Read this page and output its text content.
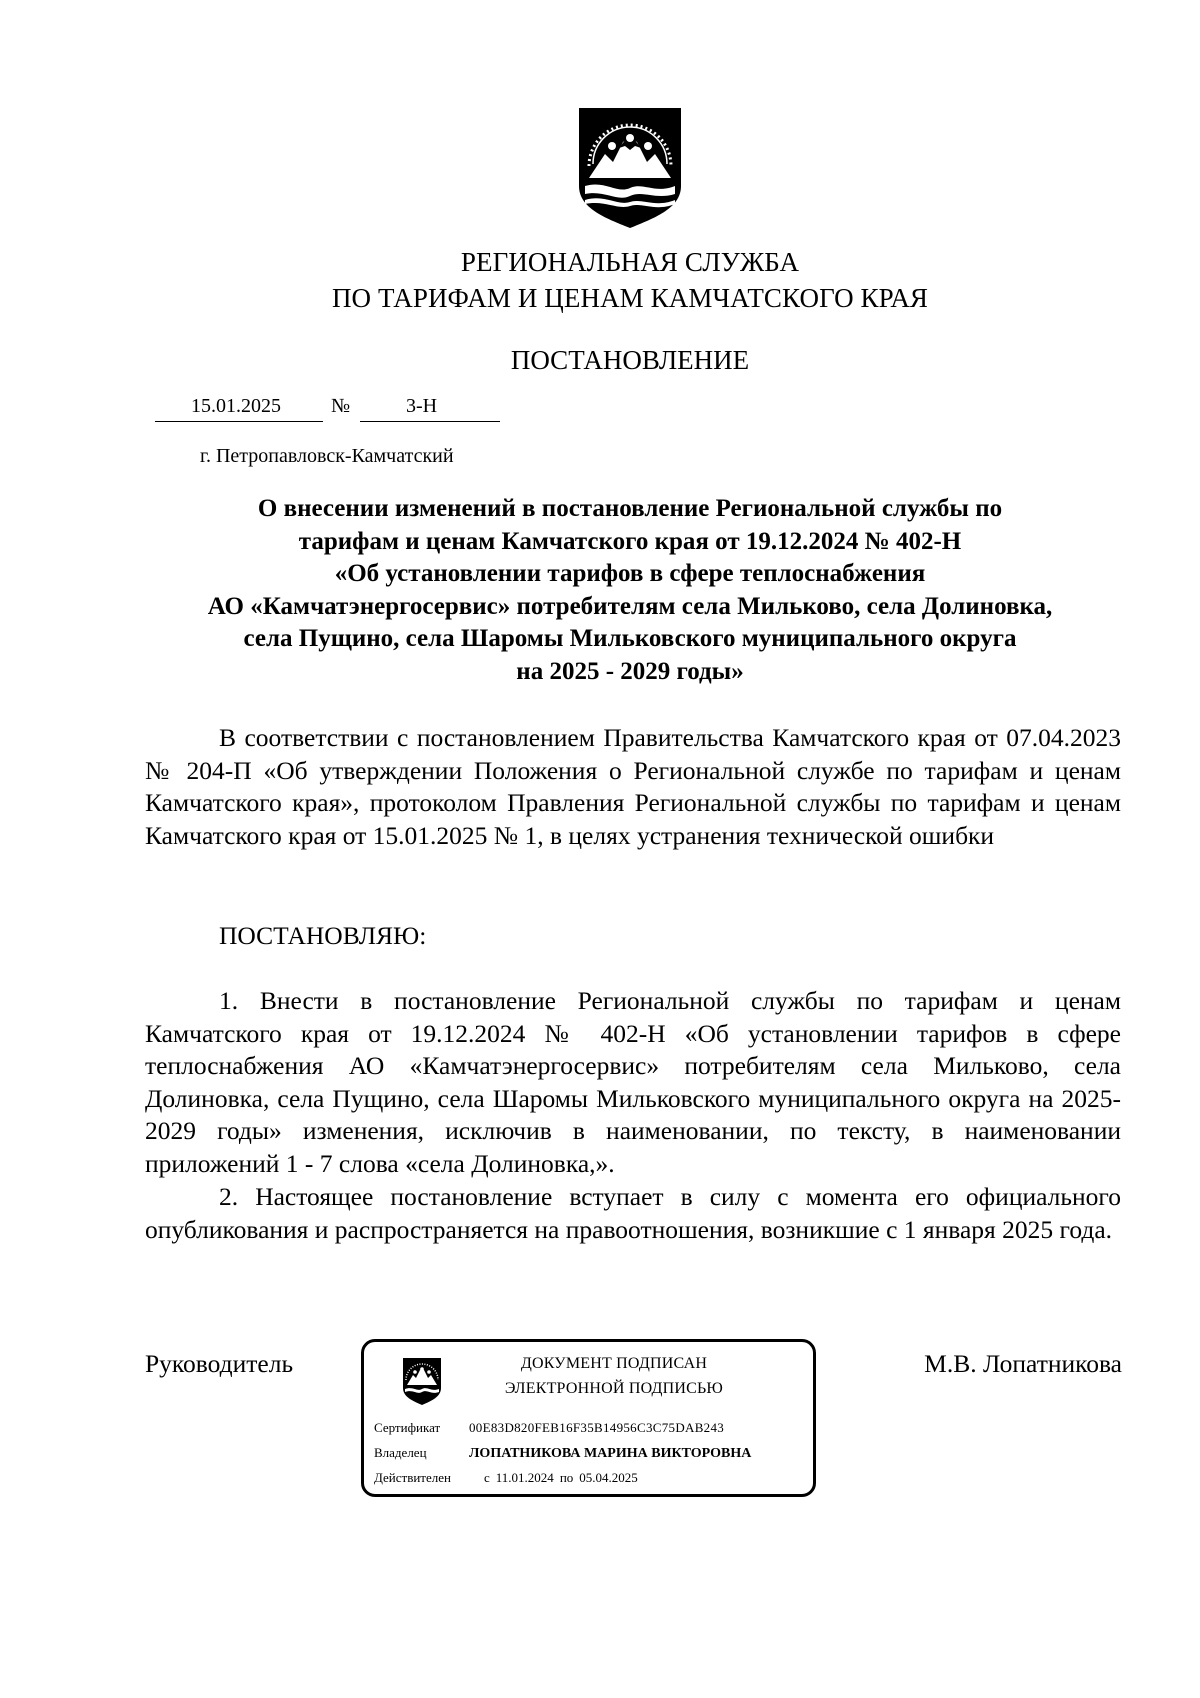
РЕГИОНАЛЬНАЯ СЛУЖБА
ПО ТАРИФАМ И ЦЕНАМ КАМЧАТСКОГО КРАЯ
ПОСТАНОВЛЕНИЕ
15.01.2025	№	3-Н
г. Петропавловск-Камчатский
О внесении изменений в постановление Региональной службы по
тарифам и ценам Камчатского края от 19.12.2024 № 402-Н
«Об установлении тарифов в сфере теплоснабжения
АО «Камчатэнергосервис» потребителям села Мильково, села Долиновка,
села Пущино, села Шаромы Мильковского муниципального округа
на 2025 - 2029 годы»
В соответствии с постановлением Правительства Камчатского края от 07.04.2023 № 204-П «Об утверждении Положения о Региональной службе по тарифам и ценам Камчатского края», протоколом Правления Региональной службы по тарифам и ценам Камчатского края от 15.01.2025 № 1, в целях устранения технической ошибки
ПОСТАНОВЛЯЮ:
1. Внести в постановление Региональной службы по тарифам и ценам Камчатского края от 19.12.2024 № 402-Н «Об установлении тарифов в сфере теплоснабжения АО «Камчатэнергосервис» потребителям села Мильково, села Долиновка, села Пущино, села Шаромы Мильковского муниципального округа на 2025-2029 годы» изменения, исключив в наименовании, по тексту, в наименовании приложений 1 - 7 слова «села Долиновка,».
2. Настоящее постановление вступает в силу с момента его официального опубликования и распространяется на правоотношения, возникшие с 1 января 2025 года.
Руководитель	М.В. Лопатникова
ДОКУМЕНТ ПОДПИСАН
ЭЛЕКТРОННОЙ ПОДПИСЬЮ
Сертификат 00E83D820FEB16F35B14956C3C75DAB243
Владелец	ЛОПАТНИКОВА МАРИНА ВИКТОРОВНА
Действителен	с 11.01.2024 по 05.04.2025
